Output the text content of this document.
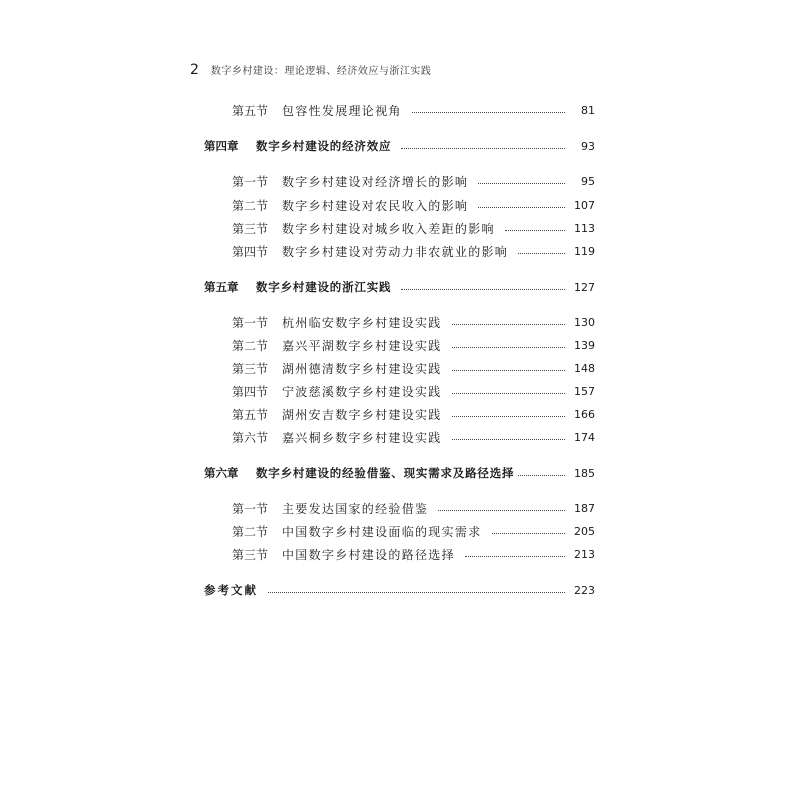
2 数字乡村建设：理论逻辑、经济效应与浙江实践
第五节	包容性发展理论视角	81
第四章	数字乡村建设的经济效应	93
第一节	数字乡村建设对经济增长的影响	95
第二节	数字乡村建设对农民收入的影响	107
第三节	数字乡村建设对城乡收入差距的影响	113
第四节	数字乡村建设对劳动力非农就业的影响	119
第五章	数字乡村建设的浙江实践	127
第一节	杭州临安数字乡村建设实践	130
第二节	嘉兴平湖数字乡村建设实践	139
第三节	湖州德清数字乡村建设实践	148
第四节	宁波慈溪数字乡村建设实践	157
第五节	湖州安吉数字乡村建设实践	166
第六节	嘉兴桐乡数字乡村建设实践	174
第六章	数字乡村建设的经验借鉴、现实需求及路径选择	185
第一节	主要发达国家的经验借鉴	187
第二节	中国数字乡村建设面临的现实需求	205
第三节	中国数字乡村建设的路径选择	213
参考文献	223
